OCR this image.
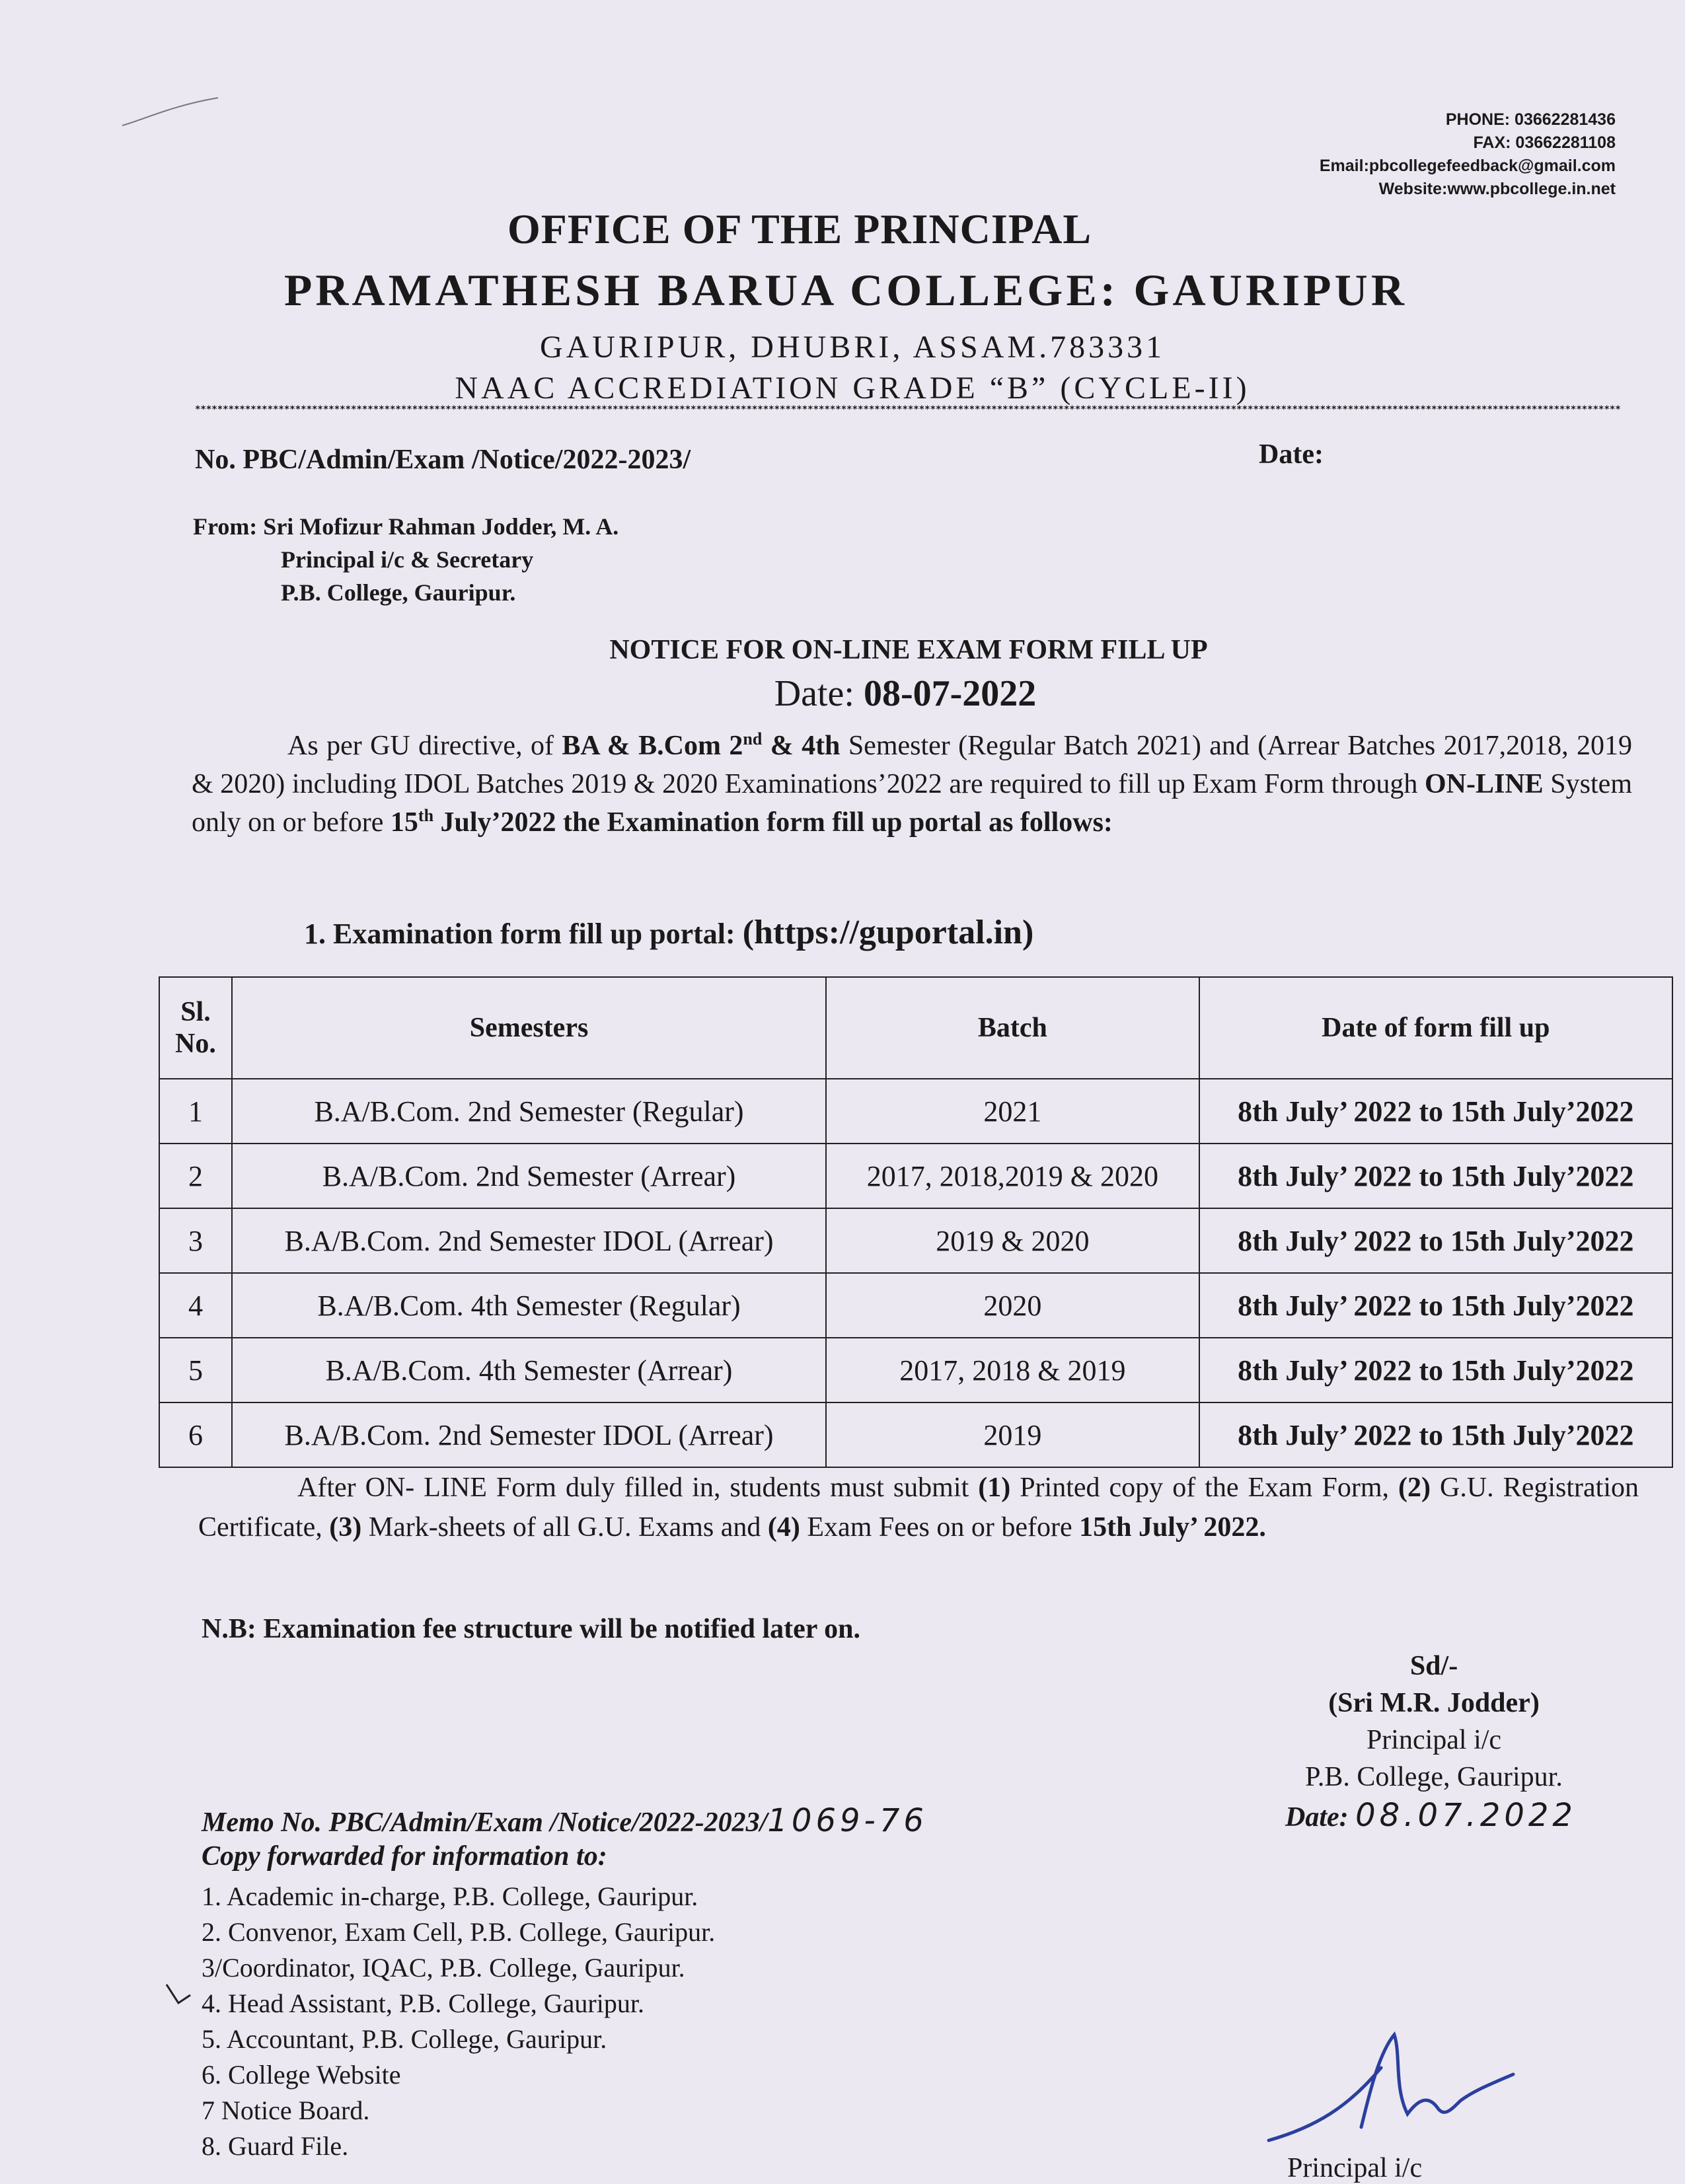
PHONE: 03662281436
FAX: 03662281108
Email:pbcollegefeedback@gmail.com
Website:www.pbcollege.in.net
OFFICE OF THE PRINCIPAL
PRAMATHESH BARUA COLLEGE: GAURIPUR
GAURIPUR, DHUBRI, ASSAM.783331
NAAC ACCREDIATION GRADE “B” (CYCLE-II)
****************************************************************************************************************************************************************************************************************************************************************
No. PBC/Admin/Exam /Notice/2022-2023/	Date:
From: Sri Mofizur Rahman Jodder, M. A.
Principal i/c & Secretary
P.B. College, Gauripur.
NOTICE FOR ON-LINE EXAM FORM FILL UP
Date: 08-07-2022
As per GU directive, of BA & B.Com 2nd & 4th Semester (Regular Batch 2021) and (Arrear Batches 2017,2018, 2019 & 2020) including IDOL Batches 2019 & 2020 Examinations’2022 are required to fill up Exam Form through ON-LINE System only on or before 15th July’2022 the Examination form fill up portal as follows:
1. Examination form fill up portal: (https://guportal.in)
Sl. No.	Semesters	Batch	Date of form fill up
1	B.A/B.Com. 2nd Semester (Regular)	2021	8th July’ 2022 to 15th July’2022
2	B.A/B.Com. 2nd Semester (Arrear)	2017, 2018,2019 & 2020	8th July’ 2022 to 15th July’2022
3	B.A/B.Com. 2nd Semester IDOL (Arrear)	2019 & 2020	8th July’ 2022 to 15th July’2022
4	B.A/B.Com. 4th Semester (Regular)	2020	8th July’ 2022 to 15th July’2022
5	B.A/B.Com. 4th Semester (Arrear)	2017, 2018 & 2019	8th July’ 2022 to 15th July’2022
6	B.A/B.Com. 2nd Semester IDOL (Arrear)	2019	8th July’ 2022 to 15th July’2022
After ON- LINE Form duly filled in, students must submit (1) Printed copy of the Exam Form, (2) G.U. Registration Certificate, (3) Mark-sheets of all G.U. Exams and (4) Exam Fees on or before 15th July’ 2022.
N.B: Examination fee structure will be notified later on.
Sd/-
(Sri M.R. Jodder)
Principal i/c
P.B. College, Gauripur.
Date: 08.07.2022
Memo No. PBC/Admin/Exam /Notice/2022-2023/1069-76
Copy forwarded for information to:
1. Academic in-charge, P.B. College, Gauripur.
2. Convenor, Exam Cell, P.B. College, Gauripur.
3/Coordinator, IQAC, P.B. College, Gauripur.
4. Head Assistant, P.B. College, Gauripur.
5. Accountant, P.B. College, Gauripur.
6. College Website
7 Notice Board.
8. Guard File.
Principal i/c
